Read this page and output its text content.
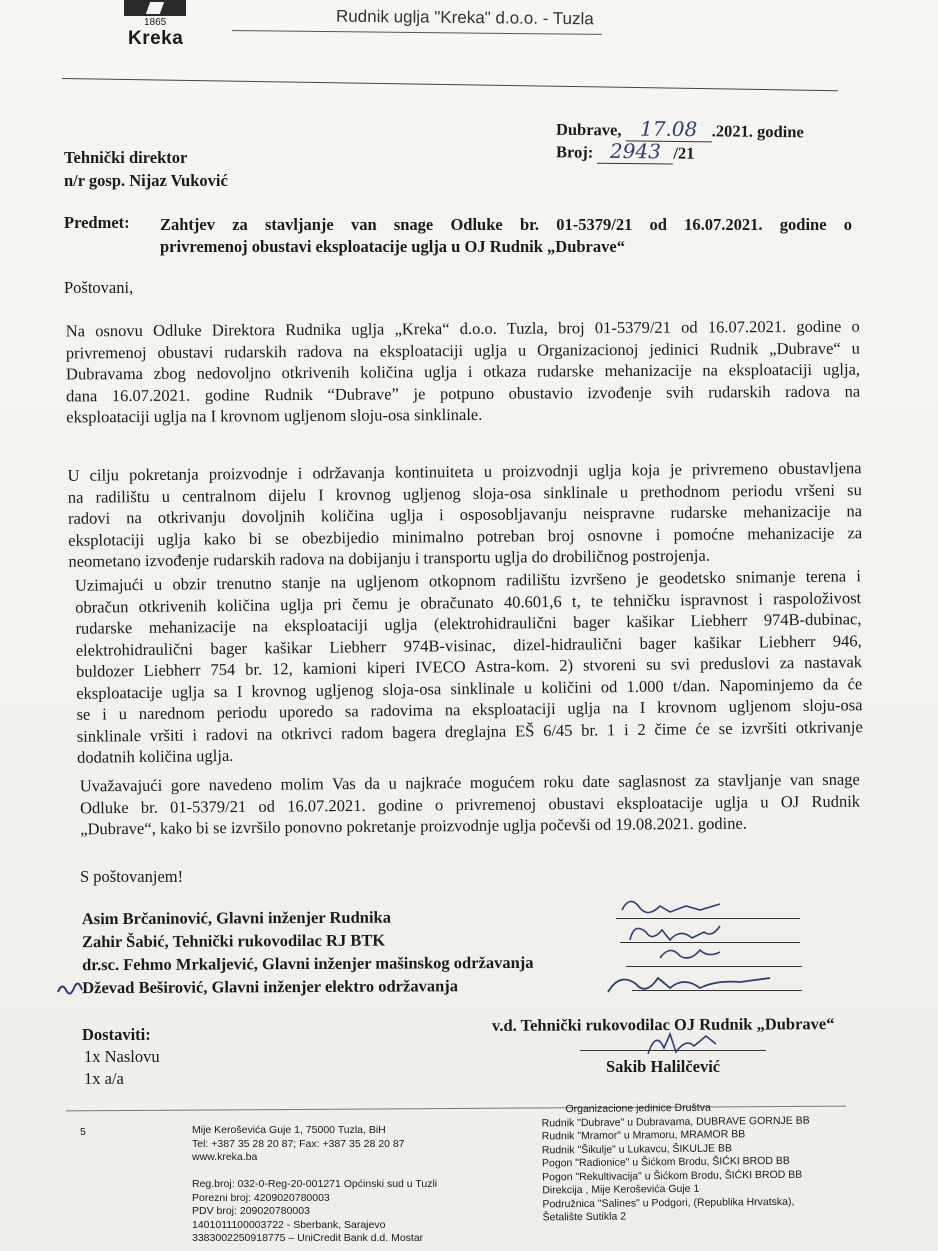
1865
Kreka
Rudnik uglja "Kreka" d.o.o. - Tuzla
Dubrave, 17.08 .2021. godine
Broj: 2943 /21
Tehnički direktor
n/r gosp. Nijaz Vuković
Predmet: Zahtjev za stavljanje van snage Odluke br. 01-5379/21 od 16.07.2021. godine o
privremenoj obustavi eksploatacije uglja u OJ Rudnik „Dubrave“
Poštovani,
Na osnovu Odluke Direktora Rudnika uglja „Kreka“ d.o.o. Tuzla, broj 01-5379/21 od 16.07.2021. godine o
privremenoj obustavi rudarskih radova na eksploataciji uglja u Organizacionoj jedinici Rudnik „Dubrave“ u
Dubravama zbog nedovoljno otkrivenih količina uglja i otkaza rudarske mehanizacije na eksploataciji uglja,
dana 16.07.2021. godine Rudnik “Dubrave” je potpuno obustavio izvođenje svih rudarskih radova na
eksploataciji uglja na I krovnom ugljenom sloju-osa sinklinale.
U cilju pokretanja proizvodnje i održavanja kontinuiteta u proizvodnji uglja koja je privremeno obustavljena
na radilištu u centralnom dijelu I krovnog ugljenog sloja-osa sinklinale u prethodnom periodu vršeni su
radovi na otkrivanju dovoljnih količina uglja i osposobljavanju neispravne rudarske mehanizacije na
eksplotaciji uglja kako bi se obezbijedio minimalno potreban broj osnovne i pomoćne mehanizacije za
neometano izvođenje rudarskih radova na dobijanju i transportu uglja do drobiličnog postrojenja.
Uzimajući u obzir trenutno stanje na ugljenom otkopnom radilištu izvršeno je geodetsko snimanje terena i
obračun otkrivenih količina uglja pri čemu je obračunato 40.601,6 t, te tehničku ispravnost i raspoloživost
rudarske mehanizacije na eksploataciji uglja (elektrohidraulični bager kašikar Liebherr 974B-dubinac,
elektrohidraulični bager kašikar Liebherr 974B-visinac, dizel-hidraulični bager kašikar Liebherr 946,
buldozer Liebherr 754 br. 12, kamioni kiperi IVECO Astra-kom. 2) stvoreni su svi preduslovi za nastavak
eksploatacije uglja sa I krovnog ugljenog sloja-osa sinklinale u količini od 1.000 t/dan. Napominjemo da će
se i u narednom periodu uporedo sa radovima na eksploataciji uglja na I krovnom ugljenom sloju-osa
sinklinale vršiti i radovi na otkrivci radom bagera dreglajna EŠ 6/45 br. 1 i 2 čime će se izvršiti otkrivanje
dodatnih količina uglja.
Uvažavajući gore navedeno molim Vas da u najkraće mogućem roku date saglasnost za stavljanje van snage
Odluke br. 01-5379/21 od 16.07.2021. godine o privremenoj obustavi eksploatacije uglja u OJ Rudnik
„Dubrave“, kako bi se izvršilo ponovno pokretanje proizvodnje uglja počevši od 19.08.2021. godine.
S poštovanjem!
Asim Brčaninović, Glavni inženjer Rudnika
Zahir Šabić, Tehnički rukovodilac RJ BTK
dr.sc. Fehmo Mrkaljević, Glavni inženjer mašinskog održavanja
Dževad Beširović, Glavni inženjer elektro održavanja
Dostaviti:
1x Naslovu
1x a/a
v.d. Tehnički rukovodilac OJ Rudnik „Dubrave“
Sakib Halilčević
5	Mije Keroševića Guje 1, 75000 Tuzla, BiH
Tel: +387 35 28 20 87; Fax: +387 35 28 20 87
www.kreka.ba
Reg.broj: 032-0-Reg-20-001271 Općinski sud u Tuzli
Porezni broj: 4209020780003
PDV broj: 209020780003
1401011100003722 - Sberbank, Sarajevo
3383002250918775 – UniCredit Bank d.d. Mostar
Organizacione jedinice Društva
Rudnik "Dubrave" u Dubravama, DUBRAVE GORNJE BB
Rudnik "Mramor" u Mramoru, MRAMOR BB
Rudnik "Šikulje" u Lukavcu, ŠIKULJE BB
Pogon "Radionice" u Šićkom Brodu, ŠIĆKI BROD BB
Pogon "Rekultivacija" u Šićkom Brodu, ŠIĆKI BROD BB
Direkcija , Mije Keroševića Guje 1
Podružnica "Salines" u Podgori, (Republika Hrvatska),
Šetalište Sutikla 2
